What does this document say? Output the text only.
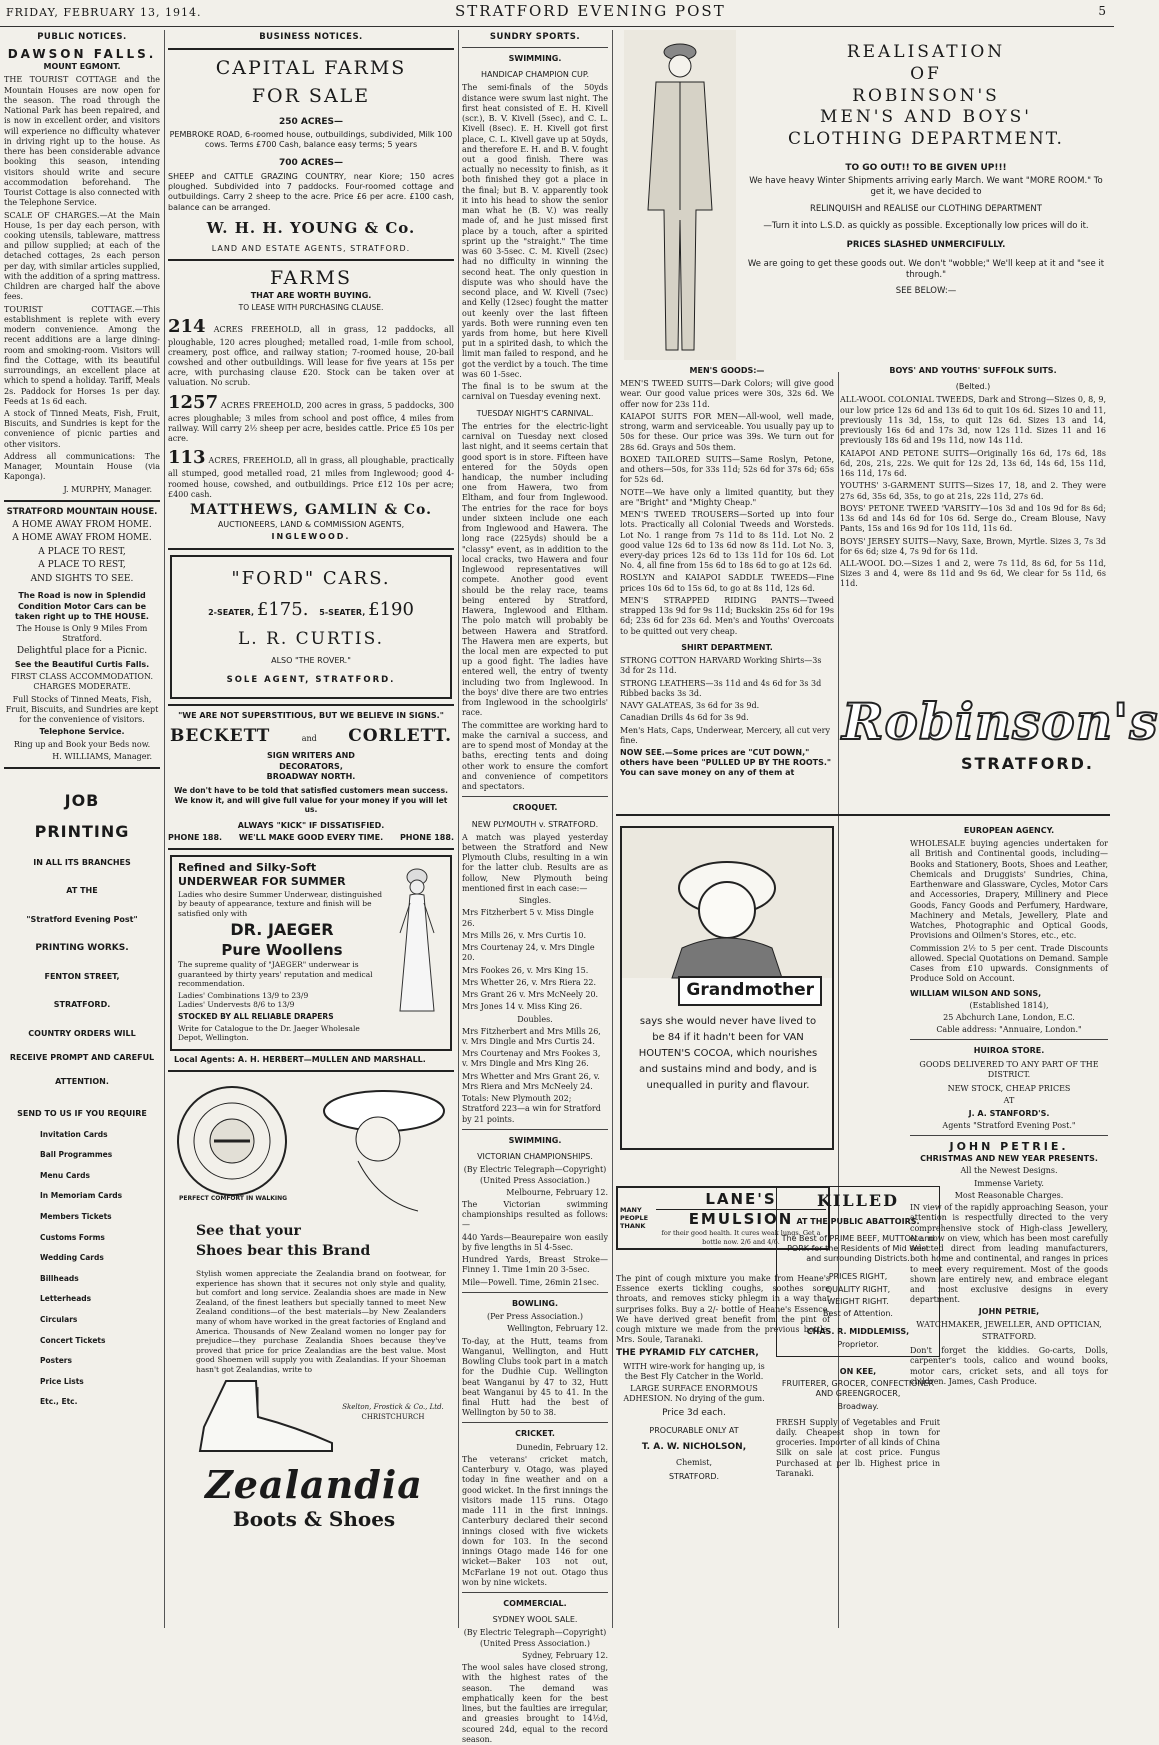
FRIDAY, FEBRUARY 13, 1914.	STRATFORD EVENING POST	5
PUBLIC NOTICES.
DAWSON FALLS.
MOUNT EGMONT.

THE TOURIST COTTAGE and the Mountain Houses are now open for the season. The road through the National Park has been repaired, and is now in excellent order, and visitors will experience no difficulty whatever in driving right up to the house. As there has been considerable advance booking this season, intending visitors should write and secure accommodation beforehand. The Tourist Cottage is also connected with the Telephone Service.

SCALE OF CHARGES.—At the Main House, 1s per day each person, with cooking utensils, tableware, mattress and pillow supplied; at each of the detached cottages, 2s each person per day, with similar articles supplied, with the addition of a spring mattress. Children are charged half the above fees.

TOURIST COTTAGE.—This establishment is replete with every modern convenience. Among the recent additions are a large dining-room and smoking-room. Visitors will find the Cottage, with its beautiful surroundings, an excellent place at which to spend a holiday. Tariff, Meals 2s. Paddock for Horses 1s per day. Feeds at 1s 6d each.

A stock of Tinned Meats, Fish, Fruit, Biscuits, and Sundries is kept for the convenience of picnic parties and other visitors.

Address all communications: The Manager, Mountain House (via Kaponga).

J. MURPHY, Manager.

STRATFORD MOUNTAIN HOUSE.

A HOME AWAY FROM HOME.

A HOME AWAY FROM HOME.

A PLACE TO REST,

A PLACE TO REST,

AND SIGHTS TO SEE.

The Road is now in Splendid Condition Motor Cars can be taken right up to THE HOUSE.

The House is Only 9 Miles From Stratford.

Delightful place for a Picnic.

See the Beautiful Curtis Falls.

FIRST CLASS ACCOMMODATION. CHARGES MODERATE.

Full Stocks of Tinned Meats, Fish, Fruit, Biscuits, and Sundries are kept for the convenience of visitors.

Telephone Service.

Ring up and Book your Beds now.

H. WILLIAMS, Manager.

JOB
PRINTING

IN ALL ITS BRANCHES

AT THE

"Stratford Evening Post"

PRINTING WORKS.

FENTON STREET,

STRATFORD.

COUNTRY ORDERS WILL

RECEIVE PROMPT AND CAREFUL

ATTENTION.

SEND TO US IF YOU REQUIRE

Invitation Cards

Ball Programmes

Menu Cards

In Memoriam Cards

Members Tickets

Customs Forms

Wedding Cards

Billheads

Letterheads

Circulars

Concert Tickets

Posters

Price Lists

Etc., Etc.

BUSINESS NOTICES.
CAPITAL FARMS
FOR SALE

250 ACRES—

PEMBROKE ROAD, 6-roomed house, outbuildings, subdivided, Milk 100 cows. Terms £700 Cash, balance easy terms; 5 years

700 ACRES—

SHEEP and CATTLE GRAZING COUNTRY, near Kiore; 150 acres ploughed. Subdivided into 7 paddocks. Four-roomed cottage and outbuildings. Carry 2 sheep to the acre. Price £6 per acre. £100 cash, balance can be arranged.

W. H. H. YOUNG & Co.

LAND AND ESTATE AGENTS, STRATFORD.

FARMS

THAT ARE WORTH BUYING.

TO LEASE WITH PURCHASING CLAUSE.

214 ACRES FREEHOLD, all in grass, 12 paddocks, all ploughable, 120 acres ploughed; metalled road, 1-mile from school, creamery, post office, and railway station; 7-roomed house, 20-bail cowshed and other outbuildings. Will lease for five years at 15s per acre, with purchasing clause £20. Stock can be taken over at valuation. No scrub.

1257 ACRES FREEHOLD, 200 acres in grass, 5 paddocks, 300 acres ploughable; 3 miles from school and post office, 4 miles from railway. Will carry 2½ sheep per acre, besides cattle. Price £5 10s per acre.

113 ACRES, FREEHOLD, all in grass, all ploughable, practically all stumped, good metalled road, 21 miles from Inglewood; good 4-roomed house, cowshed, and outbuildings. Price £12 10s per acre; £400 cash.

MATTHEWS, GAMLIN & Co.

AUCTIONEERS, LAND & COMMISSION AGENTS,

INGLEWOOD.

"FORD" CARS.
2-SEATER, £175. 5-SEATER, £190
L. R. CURTIS.

ALSO "THE ROVER."

SOLE AGENT, STRATFORD.

"WE ARE NOT SUPERSTITIOUS, BUT WE BELIEVE IN SIGNS."

BECKETT	and CORLETT.

SIGN WRITERS AND

DECORATORS,

BROADWAY NORTH.

We don't have to be told that satisfied customers mean success. We know it, and will give full value for your money if you will let us.

ALWAYS "KICK" IF DISSATISFIED.

PHONE 188. WE'LL MAKE GOOD EVERY TIME. PHONE 188.
Refined and Silky-Soft
UNDERWEAR FOR SUMMER

Ladies who desire Summer Underwear, distinguished by beauty of appearance, texture and finish will be satisfied only with

DR. JAEGER
Pure Woollens

The supreme quality of "JAEGER" underwear is guaranteed by thirty years' reputation and medical recommendation.

Ladies' Combinations 13/9 to 23/9

Ladies' Undervests 8/6 to 13/9

STOCKED BY ALL RELIABLE DRAPERS

Write for Catalogue to the Dr. Jaeger Wholesale Depot, Wellington.

Local Agents: A. H. HERBERT—MULLEN AND MARSHALL.

PERFECT COMFORT IN WALKING
See that your
Shoes bear this Brand

Stylish women appreciate the Zealandia brand on footwear, for experience has shown that it secures not only style and quality, but comfort and long service. Zealandia shoes are made in New Zealand, of the finest leathers but specially tanned to meet New Zealand conditions—of the best materials—by New Zealanders many of whom have worked in the great factories of England and America. Thousands of New Zealand women no longer pay for prejudice—they purchase Zealandia Shoes because they've proved that price for price Zealandias are the best value. Most good Shoemen will supply you with Zealandias. If your Shoeman hasn't got Zealandias, write to

Skelton, Frostick & Co., Ltd.

CHRISTCHURCH

Zealandia
Boots & Shoes
SUNDRY SPORTS.
SWIMMING.
HANDICAP CHAMPION CUP.

The semi-finals of the 50yds distance were swum last night. The first heat consisted of E. H. Kivell (scr.), B. V. Kivell (5sec), and C. L. Kivell (8sec). E. H. Kivell got first place, C. L. Kivell gave up at 50yds, and therefore E. H. and B. V. fought out a good finish. There was actually no necessity to finish, as it both finished they got a place in the final; but B. V. apparently took it into his head to show the senior man what he (B. V.) was really made of, and he just missed first place by a touch, after a spirited sprint up the "straight." The time was 60 3-5sec. C. M. Kivell (2sec) had no difficulty in winning the second heat. The only question in dispute was who should have the second place, and W. Kivell (7sec) and Kelly (12sec) fought the matter out keenly over the last fifteen yards. Both were running even ten yards from home, but here Kivell put in a spirited dash, to which the limit man failed to respond, and he got the verdict by a touch. The time was 60 1-5sec.

The final is to be swum at the carnival on Tuesday evening next.

TUESDAY NIGHT'S CARNIVAL.

The entries for the electric-light carnival on Tuesday next closed last night, and it seems certain that good sport is in store. Fifteen have entered for the 50yds open handicap, the number including one from Hawera, two from Eltham, and four from Inglewood. The entries for the race for boys under sixteen include one each from Inglewood and Hawera. The long race (225yds) should be a "classy" event, as in addition to the local cracks, two Hawera and four Inglewood representatives will compete. Another good event should be the relay race, teams being entered by Stratford, Hawera, Inglewood and Eltham. The polo match will probably be between Hawera and Stratford. The Hawera men are experts, but the local men are expected to put up a good fight. The ladies have entered well, the entry of twenty including two from Inglewood. In the boys' dive there are two entries from Inglewood in the schoolgirls' race.

The committee are working hard to make the carnival a success, and are to spend most of Monday at the baths, erecting tents and doing other work to ensure the comfort and convenience of competitors and spectators.

CROQUET.
NEW PLYMOUTH v. STRATFORD.

A match was played yesterday between the Stratford and New Plymouth Clubs, resulting in a win for the latter club. Results are as follow, New Plymouth being mentioned first in each case:—

Singles.

Mrs Fitzherbert 5 v. Miss Dingle 26.

Mrs Mills 26, v. Mrs Curtis 10.

Mrs Courtenay 24, v. Mrs Dingle 20.

Mrs Fookes 26, v. Mrs King 15.

Mrs Whetter 26, v. Mrs Riera 22.

Mrs Grant 26 v. Mrs McNeely 20.

Mrs Jones 14 v. Miss King 26.

Doubles.

Mrs Fitzherbert and Mrs Mills 26, v. Mrs Dingle and Mrs Curtis 24.

Mrs Courtenay and Mrs Fookes 3, v. Mrs Dingle and Mrs King 26.

Mrs Whetter and Mrs Grant 26, v. Mrs Riera and Mrs McNeely 24.

Totals: New Plymouth 202; Stratford 223—a win for Stratford by 21 points.

SWIMMING.
VICTORIAN CHAMPIONSHIPS.

(By Electric Telegraph—Copyright) (United Press Association.)

Melbourne, February 12.

The Victorian swimming championships resulted as follows:—

440 Yards—Beaurepaire won easily by five lengths in 5l 4-5sec.

Hundred Yards, Breast Stroke—Finney 1. Time 1min 20 3-5sec.

Mile—Powell. Time, 26min 21sec.

BOWLING.

(Per Press Association.)

Wellington, February 12.

To-day, at the Hutt, teams from Wanganui, Wellington, and Hutt Bowling Clubs took part in a match for the Dudhie Cup. Wellington beat Wanganui by 47 to 32, Hutt beat Wanganui by 45 to 41. In the final Hutt had the best of Wellington by 50 to 38.

CRICKET.

Dunedin, February 12.

The veterans' cricket match, Canterbury v. Otago, was played today in fine weather and on a good wicket. In the first innings the visitors made 115 runs. Otago made 111 in the first innings. Canterbury declared their second innings closed with five wickets down for 103. In the second innings Otago made 146 for one wicket—Baker 103 not out, McFarlane 19 not out. Otago thus won by nine wickets.

COMMERCIAL.
SYDNEY WOOL SALE.

(By Electric Telegraph—Copyright) (United Press Association.)

Sydney, February 12.

The wool sales have closed strong, with the highest rates of the season. The demand was emphatically keen for the best lines, but the faulties are irregular, and greasies brought to 14½d, scoured 24d, equal to the record season.

REALISATION
OF
ROBINSON'S
MEN'S AND BOYS'
CLOTHING DEPARTMENT.

TO GO OUT!! TO BE GIVEN UP!!!

We have heavy Winter Shipments arriving early March. We want "MORE ROOM." To get it, we have decided to

RELINQUISH and REALISE our CLOTHING DEPARTMENT

—Turn it into L.S.D. as quickly as possible. Exceptionally low prices will do it.

PRICES SLASHED UNMERCIFULLY.

We are going to get these goods out. We don't "wobble;" We'll keep at it and "see it through."

SEE BELOW:—

MEN'S GOODS:—

MEN'S TWEED SUITS—Dark Colors; will give good wear. Our good value prices were 30s, 32s 6d. We offer now for 23s 11d.

KAIAPOI SUITS FOR MEN—All-wool, well made, strong, warm and serviceable. You usually pay up to 50s for these. Our price was 39s. We turn out for 28s 6d. Grays and 50s them.

BOXED TAILORED SUITS—Same Roslyn, Petone, and others—50s, for 33s 11d; 52s 6d for 37s 6d; 65s for 52s 6d.

NOTE—We have only a limited quantity, but they are "Bright" and "Mighty Cheap."

MEN'S TWEED TROUSERS—Sorted up into four lots. Practically all Colonial Tweeds and Worsteds. Lot No. 1 range from 7s 11d to 8s 11d. Lot No. 2 good value 12s 6d to 13s 6d now 8s 11d. Lot No. 3, every-day prices 12s 6d to 13s 11d for 10s 6d. Lot No. 4, all fine from 15s 6d to 18s 6d to go at 12s 6d.

ROSLYN and KAIAPOI SADDLE TWEEDS—Fine prices 10s 6d to 15s 6d, to go at 8s 11d, 12s 6d.

MEN'S STRAPPED RIDING PANTS—Tweed strapped 13s 9d for 9s 11d; Buckskin 25s 6d for 19s 6d; 23s 6d for 23s 6d. Men's and Youths' Overcoats to be quitted out very cheap.

SHIRT DEPARTMENT.

STRONG COTTON HARVARD Working Shirts—3s 3d for 2s 11d.

STRONG LEATHERS—3s 11d and 4s 6d for 3s 3d Ribbed backs 3s 3d.

NAVY GALATEAS, 3s 6d for 3s 9d.

Canadian Drills 4s 6d for 3s 9d.

Men's Hats, Caps, Underwear, Mercery, all cut very fine.

NOW SEE.—Some prices are "CUT DOWN," others have been "PULLED UP BY THE ROOTS." You can save money on any of them at

BOYS' AND YOUTHS' SUFFOLK SUITS.
(Belted.)

ALL-WOOL COLONIAL TWEEDS, Dark and Strong—Sizes 0, 8, 9, our low price 12s 6d and 13s 6d to quit 10s 6d. Sizes 10 and 11, previously 11s 3d, 15s, to quit 12s 6d. Sizes 13 and 14, previously 16s 6d and 17s 3d, now 12s 11d. Sizes 11 and 16 previously 18s 6d and 19s 11d, now 14s 11d.

KAIAPOI AND PETONE SUITS—Originally 16s 6d, 17s 6d, 18s 6d, 20s, 21s, 22s. We quit for 12s 2d, 13s 6d, 14s 6d, 15s 11d, 16s 11d, 17s 6d.

YOUTHS' 3-GARMENT SUITS—Sizes 17, 18, and 2. They were 27s 6d, 35s 6d, 35s, to go at 21s, 22s 11d, 27s 6d.

BOYS' PETONE TWEED 'VARSITY—10s 3d and 10s 9d for 8s 6d; 13s 6d and 14s 6d for 10s 6d. Serge do., Cream Blouse, Navy Pants, 15s and 16s 9d for 10s 11d, 11s 6d.

BOYS' JERSEY SUITS—Navy, Saxe, Brown, Myrtle. Sizes 3, 7s 3d for 6s 6d; size 4, 7s 9d for 6s 11d.

ALL-WOOL DO.—Sizes 1 and 2, were 7s 11d, 8s 6d, for 5s 11d, Sizes 3 and 4, were 8s 11d and 9s 6d, We clear for 5s 11d, 6s 11d.

Robinson's
STRATFORD.
Grandmother

says she would never have lived to be 84 if it hadn't been for VAN HOUTEN'S COCOA, which nourishes and sustains mind and body, and is unequalled in purity and flavour.

MANY PEOPLE THANK
LANE'S
EMULSION
for their good health. It cures weak lungs. Get a bottle now. 2/6 and 4/6.

The pint of cough mixture you make from Heane's Essence exerts tickling coughs, soothes sore throats, and removes sticky phlegm in a way that surprises folks. Buy a 2/- bottle of Heane's Essence. We have derived great benefit from the pint of cough mixture we made from the previous bottle. Mrs. Soule, Taranaki.

THE PYRAMID FLY CATCHER,

WITH wire-work for hanging up, is the Best Fly Catcher in the World.

LARGE SURFACE ENORMOUS ADHESION. No drying of the gum.

Price 3d each.

PROCURABLE ONLY AT

T. A. W. NICHOLSON,

Chemist,

STRATFORD.

KILLED

AT THE PUBLIC ABATTOIRS.

The Best of PRIME BEEF, MUTTON and PORK for the Residents of Mid West and surrounding Districts.

PRICES RIGHT,

QUALITY RIGHT,

WEIGHT RIGHT.

Best of Attention.

CHAS. R. MIDDLEMISS,

Proprietor.

ON KEE,

FRUITERER, GROCER, CONFECTIONER AND GREENGROCER,

Broadway.

FRESH Supply of Vegetables and Fruit daily. Cheapest shop in town for groceries. Importer of all kinds of China Silk on sale at cost price. Fungus Purchased at per lb. Highest price in Taranaki.

EUROPEAN AGENCY.

WHOLESALE buying agencies undertaken for all British and Continental goods, including— Books and Stationery, Boots, Shoes and Leather, Chemicals and Druggists' Sundries, China, Earthenware and Glassware, Cycles, Motor Cars and Accessories, Drapery, Millinery and Piece Goods, Fancy Goods and Perfumery, Hardware, Machinery and Metals, Jewellery, Plate and Watches, Photographic and Optical Goods, Provisions and Oilmen's Stores, etc., etc.

Commission 2½ to 5 per cent. Trade Discounts allowed. Special Quotations on Demand. Sample Cases from £10 upwards. Consignments of Produce Sold on Account.

WILLIAM WILSON AND SONS,

(Established 1814),

25 Abchurch Lane, London, E.C.

Cable address: "Annuaire, London."

HUIROA STORE.

GOODS DELIVERED TO ANY PART OF THE DISTRICT.

NEW STOCK, CHEAP PRICES

AT

J. A. STANFORD'S.

Agents "Stratford Evening Post."

JOHN PETRIE.

CHRISTMAS AND NEW YEAR PRESENTS.

All the Newest Designs.

Immense Variety.

Most Reasonable Charges.

IN view of the rapidly approaching Season, your attention is respectfully directed to the very comprehensive stock of High-class Jewellery, etc. now on view, which has been most carefully selected direct from leading manufacturers, both home and continental, and ranges in prices to meet every requirement. Most of the goods shown are entirely new, and embrace elegant and most exclusive designs in every department.

JOHN PETRIE,

WATCHMAKER, JEWELLER, AND OPTICIAN,

STRATFORD.

Don't forget the kiddies. Go-carts, Dolls, carpenter's tools, calico and wound books, motor cars, cricket sets, and all toys for children. James, Cash Produce.
